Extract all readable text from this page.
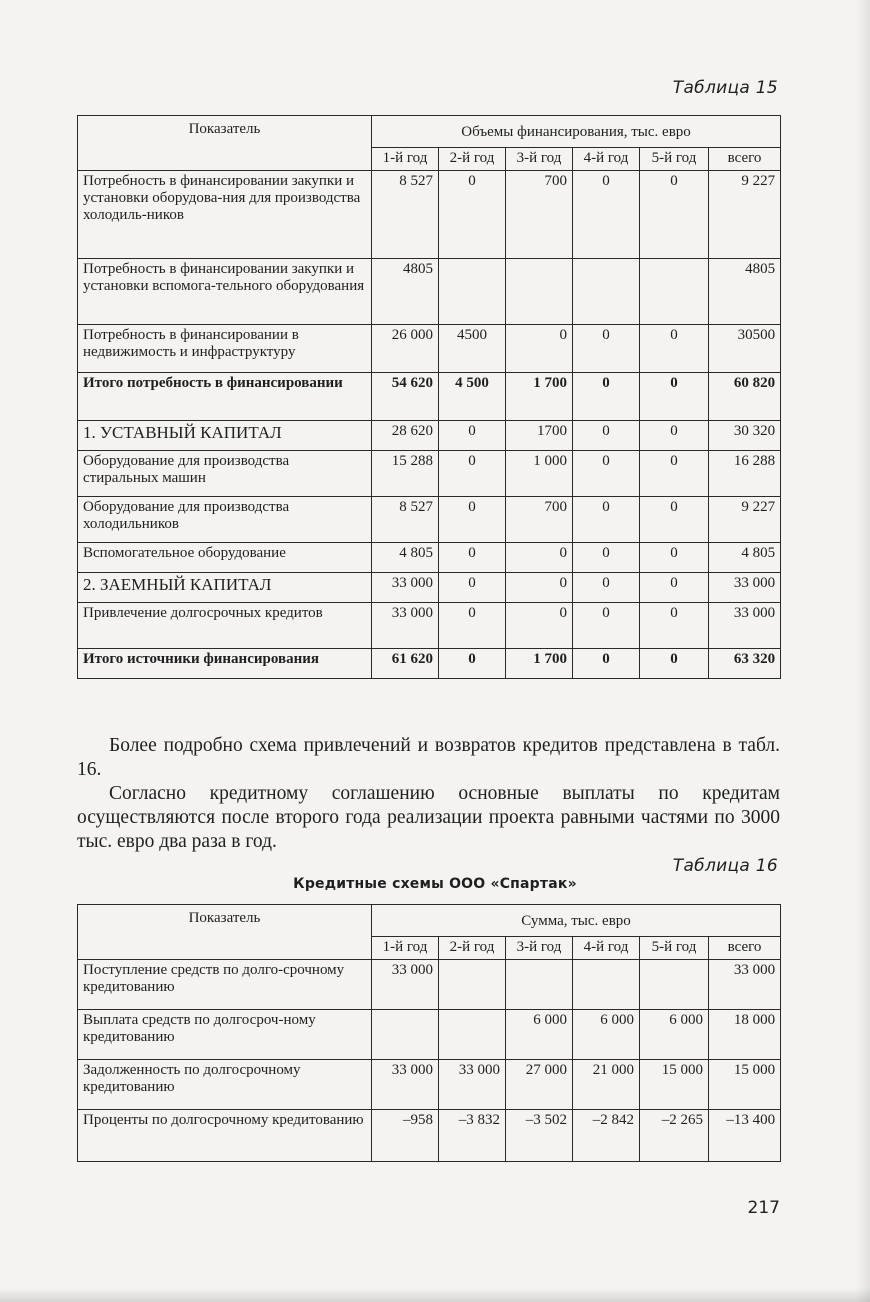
Таблица 15
Показатель	Объемы финансирования, тыс. евро					
	1-й год	2-й год	3-й год	4-й год	5-й год	всего
Потребность в финансировании закупки и установки оборудова-ния для производства холодиль-ников	8 527	0	700	0	0	9 227
Потребность в финансировании закупки и установки вспомога-тельного оборудования	4805					4805
Потребность в финансировании в недвижимость и инфраструктуру	26 000	4500	0	0	0	30500
Итого потребность в финансировании	54 620	4 500	1 700	0	0	60 820
1. УСТАВНЫЙ КАПИТАЛ	28 620	0	1700	0	0	30 320
Оборудование для производства стиральных машин	15 288	0	1 000	0	0	16 288
Оборудование для производства холодильников	8 527	0	700	0	0	9 227
Вспомогательное оборудование	4 805	0	0	0	0	4 805
2. ЗАЕМНЫЙ КАПИТАЛ	33 000	0	0	0	0	33 000
Привлечение долгосрочных кредитов	33 000	0	0	0	0	33 000
Итого источники финансирования	61 620	0	1 700	0	0	63 320
Более подробно схема привлечений и возвратов кредитов представлена в табл. 16.
Согласно кредитному соглашению основные выплаты по кредитам осуществляются после второго года реализации проекта равными частями по 3000 тыс. евро два раза в год.
Таблица 16
Кредитные схемы ООО «Спартак»
Показатель	Сумма, тыс. евро					
	1-й год	2-й год	3-й год	4-й год	5-й год	всего
Поступление средств по долго-срочному кредитованию	33 000					33 000
Выплата средств по долгосроч-ному кредитованию			6 000	6 000	6 000	18 000
Задолженность по долгосрочному кредитованию	33 000	33 000	27 000	21 000	15 000	15 000
Проценты по долгосрочному кредитованию	–958	–3 832	–3 502	–2 842	–2 265	–13 400
217
